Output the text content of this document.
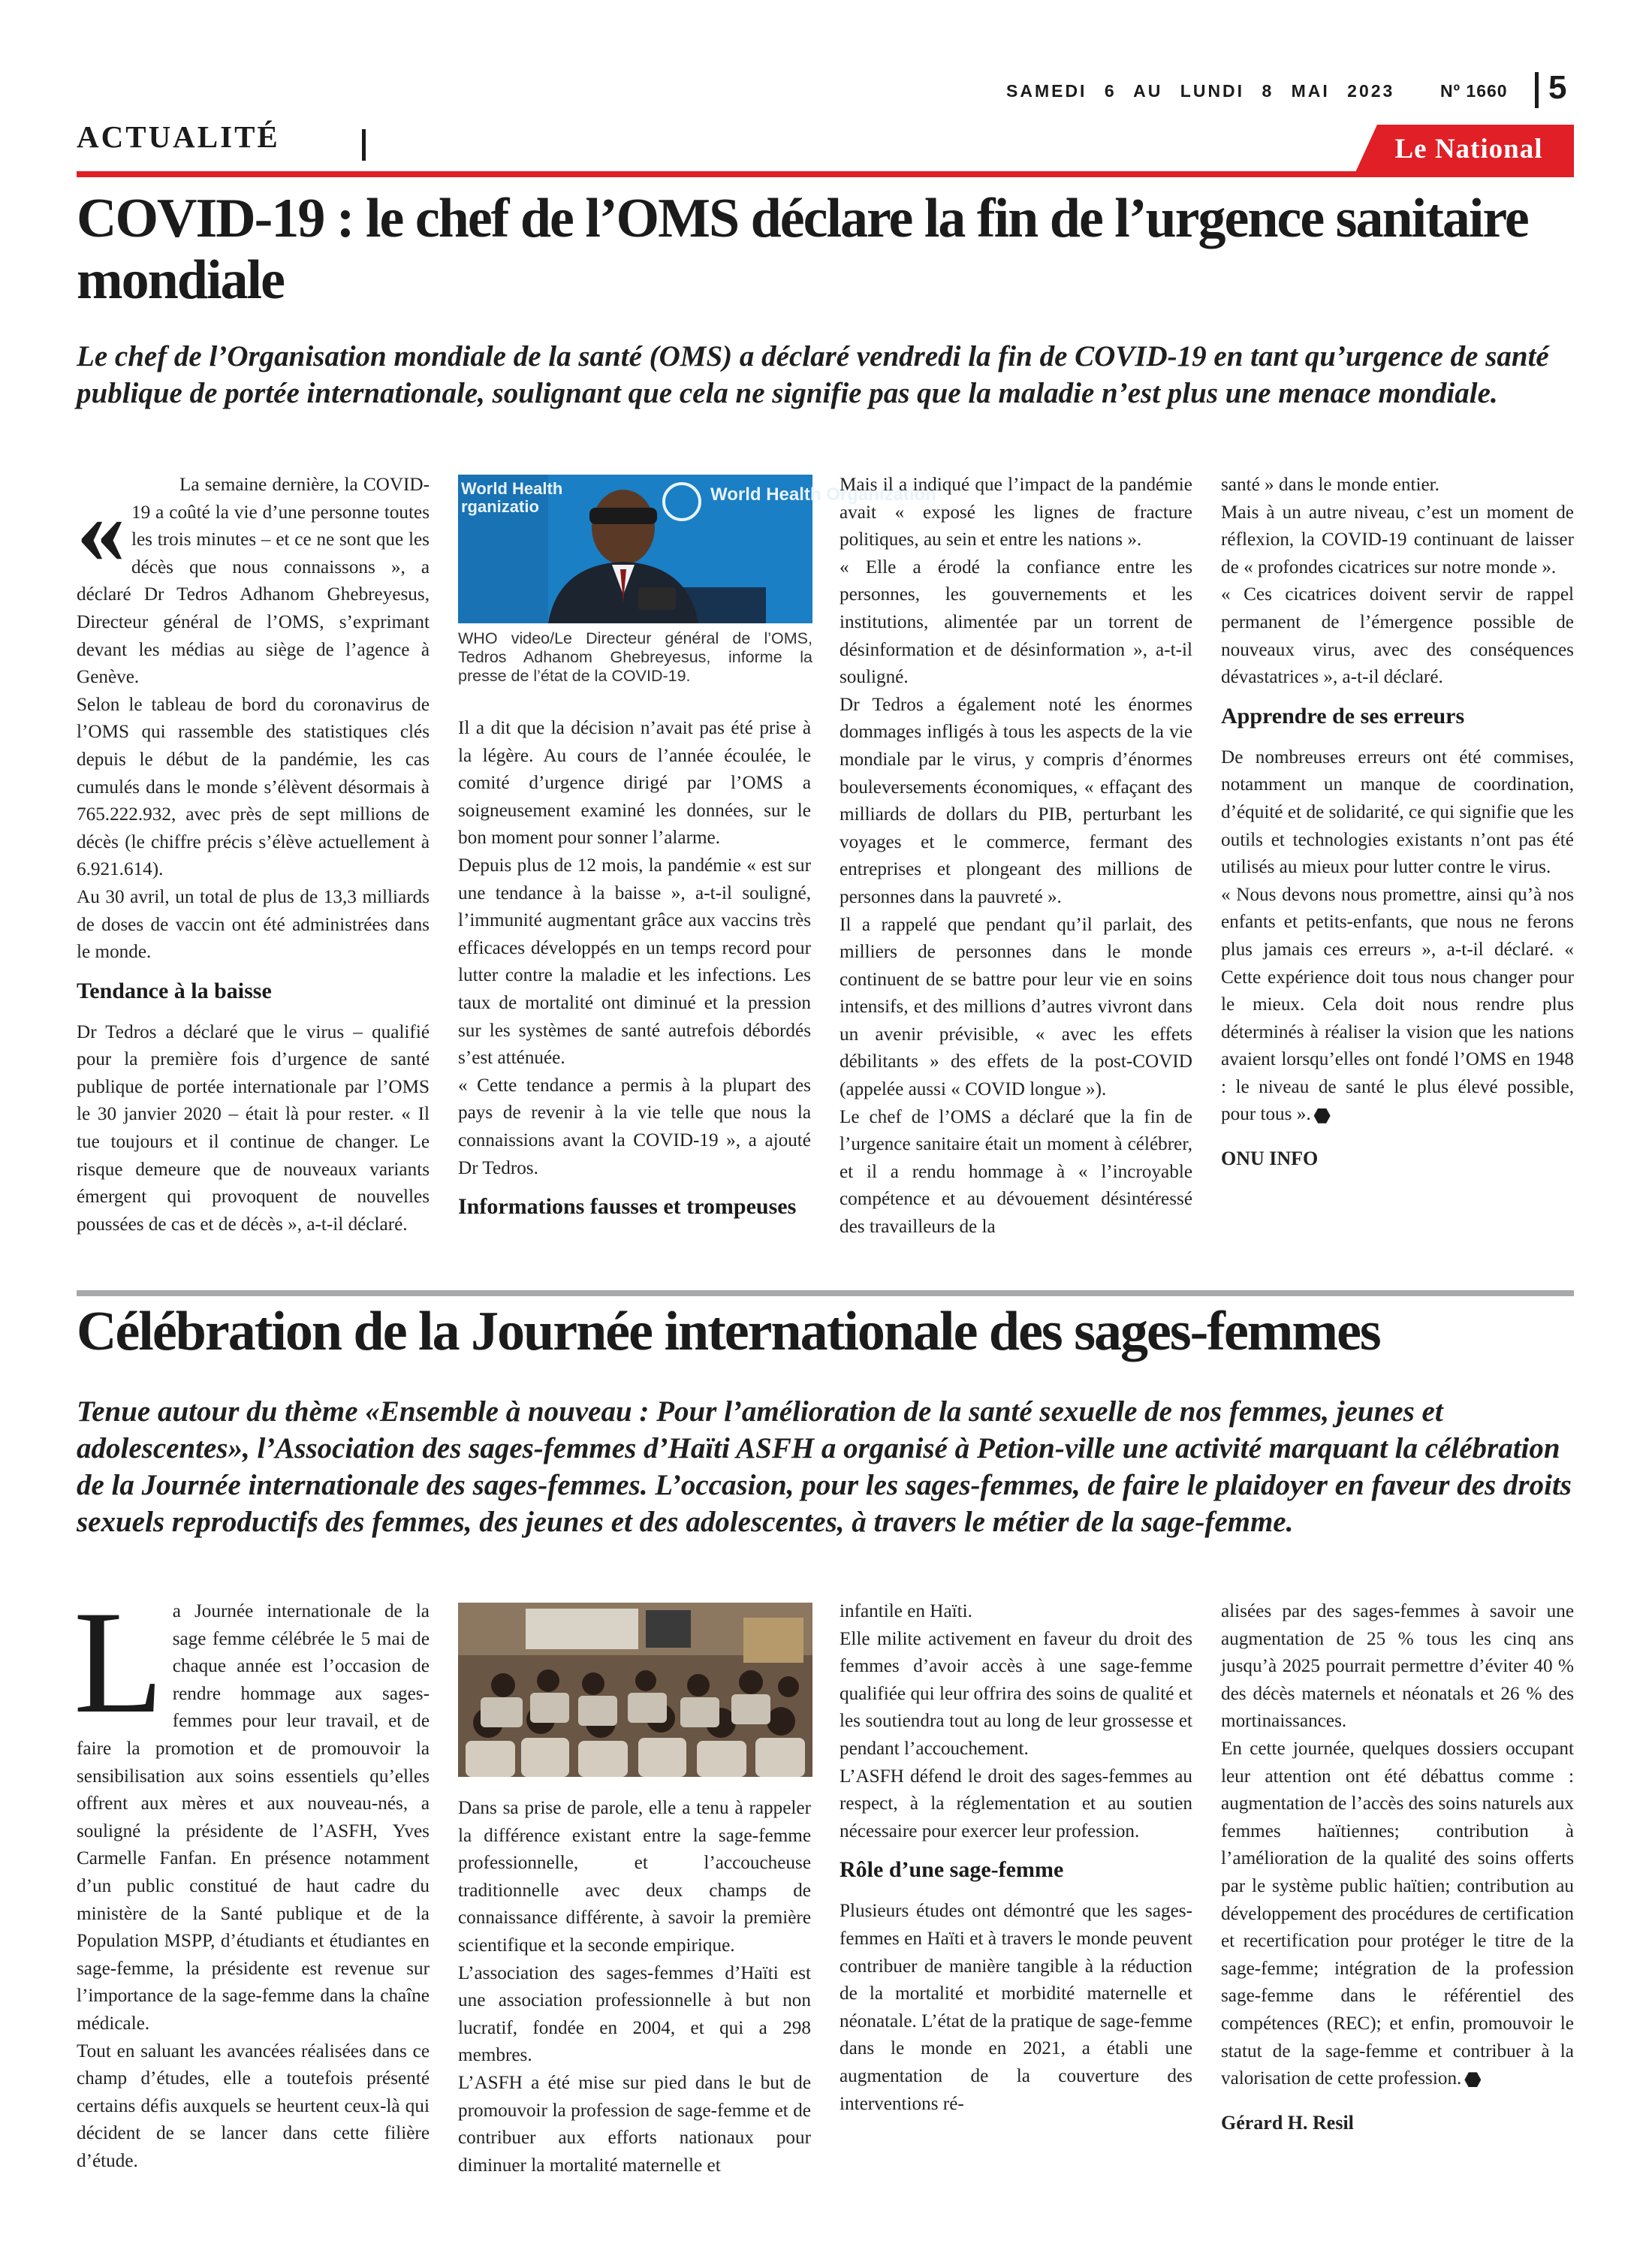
SAMEDI 6 AU LUNDI 8 MAI 2023	Nº 1660 5
ACTUALITÉ	Le National
COVID-19 : le chef de l’OMS déclare la fin de l’urgence sanitaire mondiale
Le chef de l’Organisation mondiale de la santé (OMS) a déclaré vendredi la fin de COVID-19 en tant qu’urgence de santé publique de portée internationale, soulignant que cela ne signifie pas que la maladie n’est plus une menace mondiale.

«	La semaine dernière, la COVID-19 a coûté la vie d’une personne toutes les trois minutes – et ce ne sont que les décès que nous connaissons », a déclaré Dr Tedros Adhanom Ghebreyesus, Directeur général de l’OMS, s’exprimant devant les médias au siège de l’agence à Genève.

Selon le tableau de bord du coronavirus de l’OMS qui rassemble des statistiques clés depuis le début de la pandémie, les cas cumulés dans le monde s’élèvent désormais à 765.222.932, avec près de sept millions de décès (le chiffre précis s’élève actuellement à 6.921.614).

Au 30 avril, un total de plus de 13,3 milliards de doses de vaccin ont été administrées dans le monde.

Tendance à la baisse

Dr Tedros a déclaré que le virus – qualifié pour la première fois d’urgence de santé publique de portée internationale par l’OMS le 30 janvier 2020 – était là pour rester. « Il tue toujours et il continue de changer. Le risque demeure que de nouveaux variants émergent qui provoquent de nouvelles poussées de cas et de décès », a-t-il déclaré.

World Health
rganizatio
World Health Organization
WHO video/Le Directeur général de l’OMS, Tedros Adhanom Ghebreyesus, informe la presse de l’état de la COVID-19.

Il a dit que la décision n’avait pas été prise à la légère. Au cours de l’année écoulée, le comité d’urgence dirigé par l’OMS a soigneusement examiné les données, sur le bon moment pour sonner l’alarme.

Depuis plus de 12 mois, la pandémie « est sur une tendance à la baisse », a-t-il souligné, l’immunité augmentant grâce aux vaccins très efficaces développés en un temps record pour lutter contre la maladie et les infections. Les taux de mortalité ont diminué et la pression sur les systèmes de santé autrefois débordés s’est atténuée.

« Cette tendance a permis à la plupart des pays de revenir à la vie telle que nous la connaissions avant la COVID-19 », a ajouté Dr Tedros.

Informations fausses et trompeuses

Mais il a indiqué que l’impact de la pandémie avait « exposé les lignes de fracture politiques, au sein et entre les nations ».

« Elle a érodé la confiance entre les personnes, les gouvernements et les institutions, alimentée par un torrent de désinformation et de désinformation », a-t-il souligné.

Dr Tedros a également noté les énormes dommages infligés à tous les aspects de la vie mondiale par le virus, y compris d’énormes bouleversements économiques, « effaçant des milliards de dollars du PIB, perturbant les voyages et le commerce, fermant des entreprises et plongeant des millions de personnes dans la pauvreté ».

Il a rappelé que pendant qu’il parlait, des milliers de personnes dans le monde continuent de se battre pour leur vie en soins intensifs, et des millions d’autres vivront dans un avenir prévisible, « avec les effets débilitants » des effets de la post-COVID (appelée aussi « COVID longue »).

Le chef de l’OMS a déclaré que la fin de l’urgence sanitaire était un moment à célébrer, et il a rendu hommage à « l’incroyable compétence et au dévouement désintéressé des travailleurs de la

santé » dans le monde entier.

Mais à un autre niveau, c’est un moment de réflexion, la COVID-19 continuant de laisser de « profondes cicatrices sur notre monde ».

« Ces cicatrices doivent servir de rappel permanent de l’émergence possible de nouveaux virus, avec des conséquences dévastatrices », a-t-il déclaré.

Apprendre de ses erreurs

De nombreuses erreurs ont été commises, notamment un manque de coordination, d’équité et de solidarité, ce qui signifie que les outils et technologies existants n’ont pas été utilisés au mieux pour lutter contre le virus.

« Nous devons nous promettre, ainsi qu’à nos enfants et petits-enfants, que nous ne ferons plus jamais ces erreurs », a-t-il déclaré. « Cette expérience doit tous nous changer pour le mieux. Cela doit nous rendre plus déterminés à réaliser la vision que les nations avaient lorsqu’elles ont fondé l’OMS en 1948 : le niveau de santé le plus élevé possible, pour tous ».

ONU INFO
Célébration de la Journée internationale des sages-femmes
Tenue autour du thème «Ensemble à nouveau : Pour l’amélioration de la santé sexuelle de nos femmes, jeunes et adolescentes», l’Association des sages-femmes d’Haïti ASFH a organisé à Petion-ville une activité marquant la célébration de la Journée internationale des sages-femmes. L’occasion, pour les sages-femmes, de faire le plaidoyer en faveur des droits sexuels reproductifs des femmes, des jeunes et des adolescentes, à travers le métier de la sage-femme.

La Journée internationale de la sage femme célébrée le 5 mai de chaque année est l’occasion de rendre hommage aux sages-femmes pour leur travail, et de faire la promotion et de promouvoir la sensibilisation aux soins essentiels qu’elles offrent aux mères et aux nouveau-nés, a souligné la présidente de l’ASFH, Yves Carmelle Fanfan. En présence notamment d’un public constitué de haut cadre du ministère de la Santé publique et de la Population MSPP, d’étudiants et étudiantes en sage-femme, la présidente est revenue sur l’importance de la sage-femme dans la chaîne médicale.

Tout en saluant les avancées réalisées dans ce champ d’études, elle a toutefois présenté certains défis auxquels se heurtent ceux-là qui décident de se lancer dans cette filière d’étude.

Dans sa prise de parole, elle a tenu à rappeler la différence existant entre la sage-femme professionnelle, et l’accoucheuse traditionnelle avec deux champs de connaissance différente, à savoir la première scientifique et la seconde empirique.

L’association des sages-femmes d’Haïti est une association professionnelle à but non lucratif, fondée en 2004, et qui a 298 membres.

L’ASFH a été mise sur pied dans le but de promouvoir la profession de sage-femme et de contribuer aux efforts nationaux pour diminuer la mortalité maternelle et

infantile en Haïti.

Elle milite activement en faveur du droit des femmes d’avoir accès à une sage-femme qualifiée qui leur offrira des soins de qualité et les soutiendra tout au long de leur grossesse et pendant l’accouchement.

L’ASFH défend le droit des sages-femmes au respect, à la réglementation et au soutien nécessaire pour exercer leur profession.

Rôle d’une sage-femme

Plusieurs études ont démontré que les sages-femmes en Haïti et à travers le monde peuvent contribuer de manière tangible à la réduction de la mortalité et morbidité maternelle et néonatale. L’état de la pratique de sage-femme dans le monde en 2021, a établi une augmentation de la couverture des interventions ré-

alisées par des sages-femmes à savoir une augmentation de 25 % tous les cinq ans jusqu’à 2025 pourrait permettre d’éviter 40 % des décès maternels et néonatals et 26 % des mortinaissances.

En cette journée, quelques dossiers occupant leur attention ont été débattus comme : augmentation de l’accès des soins naturels aux femmes haïtiennes; contribution à l’amélioration de la qualité des soins offerts par le système public haïtien; contribution au développement des procédures de certification et recertification pour protéger le titre de la sage-femme; intégration de la profession sage-femme dans le référentiel des compétences (REC); et enfin, promouvoir le statut de la sage-femme et contribuer à la valorisation de cette profession.

Gérard H. Resil
